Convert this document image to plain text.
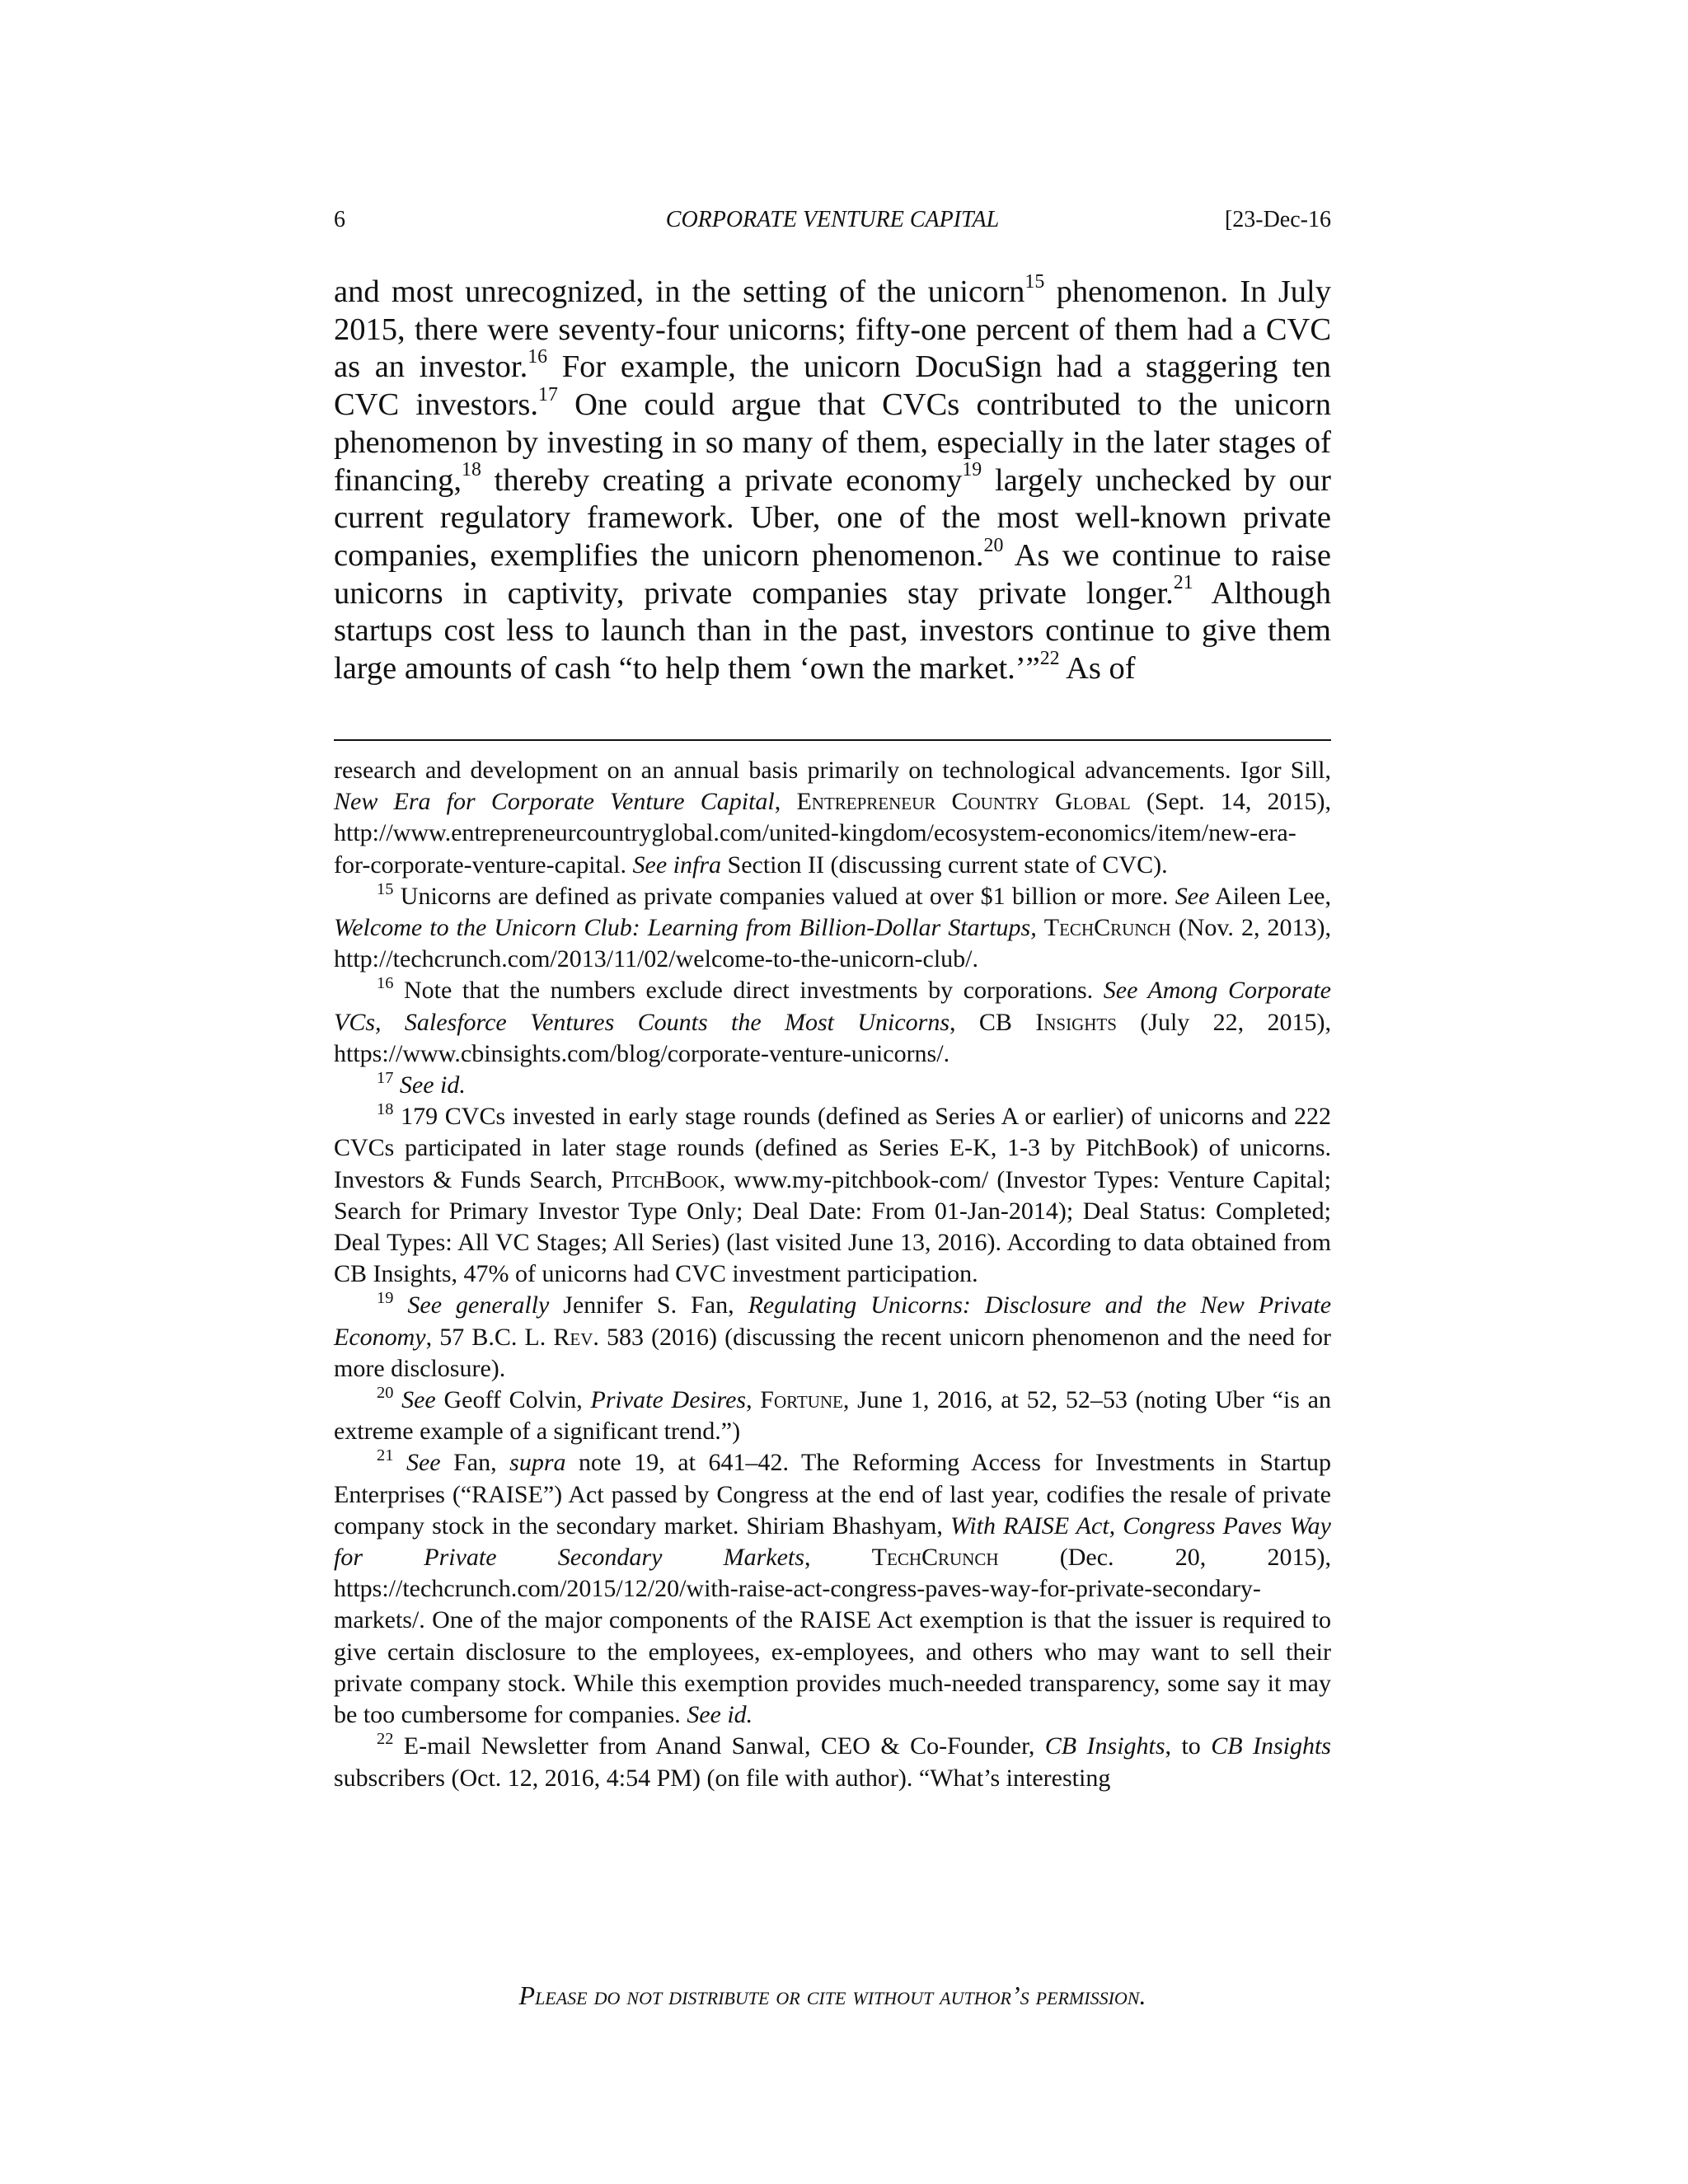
6	CORPORATE VENTURE CAPITAL	[23-Dec-16

and most unrecognized, in the setting of the unicorn$^{15}$ phenomenon. In July 2015, there were seventy-four unicorns; fifty-one percent of them had a CVC as an investor.$^{16}$ For example, the unicorn DocuSign had a staggering ten CVC investors.$^{17}$ One could argue that CVCs contributed to the unicorn phenomenon by investing in so many of them, especially in the later stages of financing,$^{18}$ thereby creating a private economy$^{19}$ largely unchecked by our current regulatory framework. Uber, one of the most well-known private companies, exemplifies the unicorn phenomenon.$^{20}$ As we continue to raise unicorns in captivity, private companies stay private longer.$^{21}$ Although startups cost less to launch than in the past, investors continue to give them large amounts of cash “to help them ‘own the market.’”$^{22}$ As of

research and development on an annual basis primarily on technological advancements. Igor Sill, New Era for Corporate Venture Capital, Entrepreneur Country Global (Sept. 14, 2015), http://www.entrepreneurcountryglobal.com/united-kingdom/ecosystem-economics/item/new-era-for-corporate-venture-capital. See infra Section II (discussing current state of CVC).

$^{15}$ Unicorns are defined as private companies valued at over $1 billion or more. See Aileen Lee, Welcome to the Unicorn Club: Learning from Billion-Dollar Startups, TechCrunch (Nov. 2, 2013), http://techcrunch.com/2013/11/02/welcome-to-the-unicorn-club/.

$^{16}$ Note that the numbers exclude direct investments by corporations. See Among Corporate VCs, Salesforce Ventures Counts the Most Unicorns, CB Insights (July 22, 2015), https://www.cbinsights.com/blog/corporate-venture-unicorns/.

$^{17}$ See id.

$^{18}$ 179 CVCs invested in early stage rounds (defined as Series A or earlier) of unicorns and 222 CVCs participated in later stage rounds (defined as Series E-K, 1-3 by PitchBook) of unicorns. Investors & Funds Search, PitchBook, www.my-pitchbook-com/ (Investor Types: Venture Capital; Search for Primary Investor Type Only; Deal Date: From 01-Jan-2014); Deal Status: Completed; Deal Types: All VC Stages; All Series) (last visited June 13, 2016). According to data obtained from CB Insights, 47% of unicorns had CVC investment participation.

$^{19}$ See generally Jennifer S. Fan, Regulating Unicorns: Disclosure and the New Private Economy, 57 B.C. L. Rev. 583 (2016) (discussing the recent unicorn phenomenon and the need for more disclosure).

$^{20}$ See Geoff Colvin, Private Desires, Fortune, June 1, 2016, at 52, 52–53 (noting Uber “is an extreme example of a significant trend.”)

$^{21}$ See Fan, supra note 19, at 641–42. The Reforming Access for Investments in Startup Enterprises (“RAISE”) Act passed by Congress at the end of last year, codifies the resale of private company stock in the secondary market. Shiriam Bhashyam, With RAISE Act, Congress Paves Way for Private Secondary Markets, TechCrunch (Dec. 20, 2015), https://techcrunch.com/2015/12/20/with-raise-act-congress-paves-way-for-private-secondary-markets/. One of the major components of the RAISE Act exemption is that the issuer is required to give certain disclosure to the employees, ex-employees, and others who may want to sell their private company stock. While this exemption provides much-needed transparency, some say it may be too cumbersome for companies. See id.

$^{22}$ E-mail Newsletter from Anand Sanwal, CEO & Co-Founder, CB Insights, to CB Insights subscribers (Oct. 12, 2016, 4:54 PM) (on file with author). “What’s interesting

Please do not distribute or cite without author’s permission.
